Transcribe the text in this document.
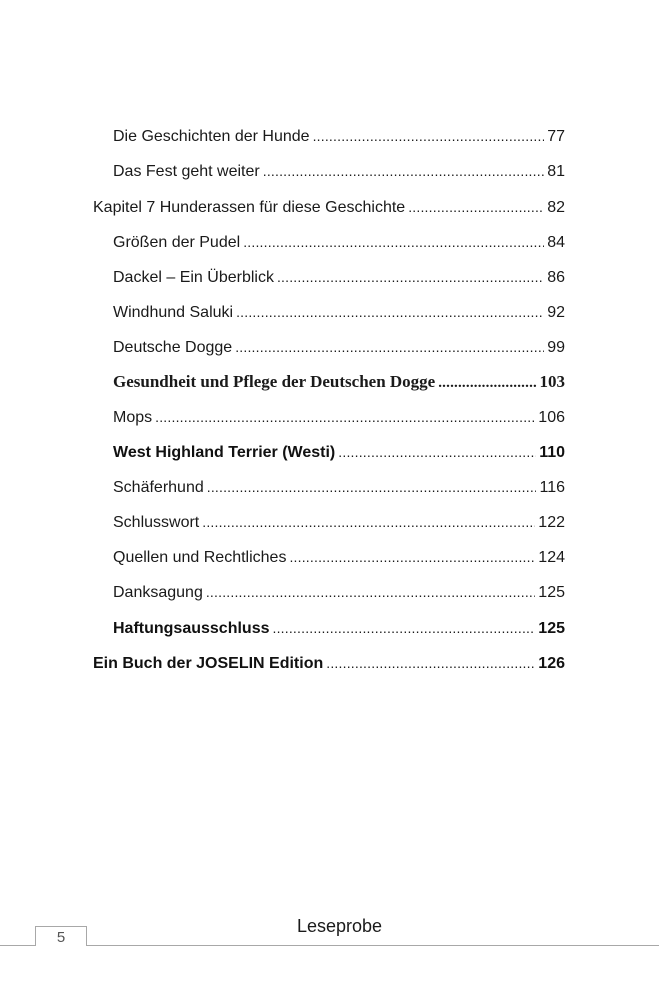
Die Geschichten der Hunde .....	77
Das Fest geht weiter .....	81
Kapitel 7 Hunderassen für diese Geschichte .....	82
Größen der Pudel .....	84
Dackel – Ein Überblick .....	86
Windhund Saluki .....	92
Deutsche Dogge .....	99
Gesundheit und Pflege der Deutschen Dogge .....	103
Mops .....	106
West Highland Terrier (Westi) .....	110
Schäferhund .....	116
Schlusswort .....	122
Quellen und Rechtliches .....	124
Danksagung .....	125
Haftungsausschluss .....	125
Ein Buch der JOSELIN Edition .....	126
5
Leseprobe
